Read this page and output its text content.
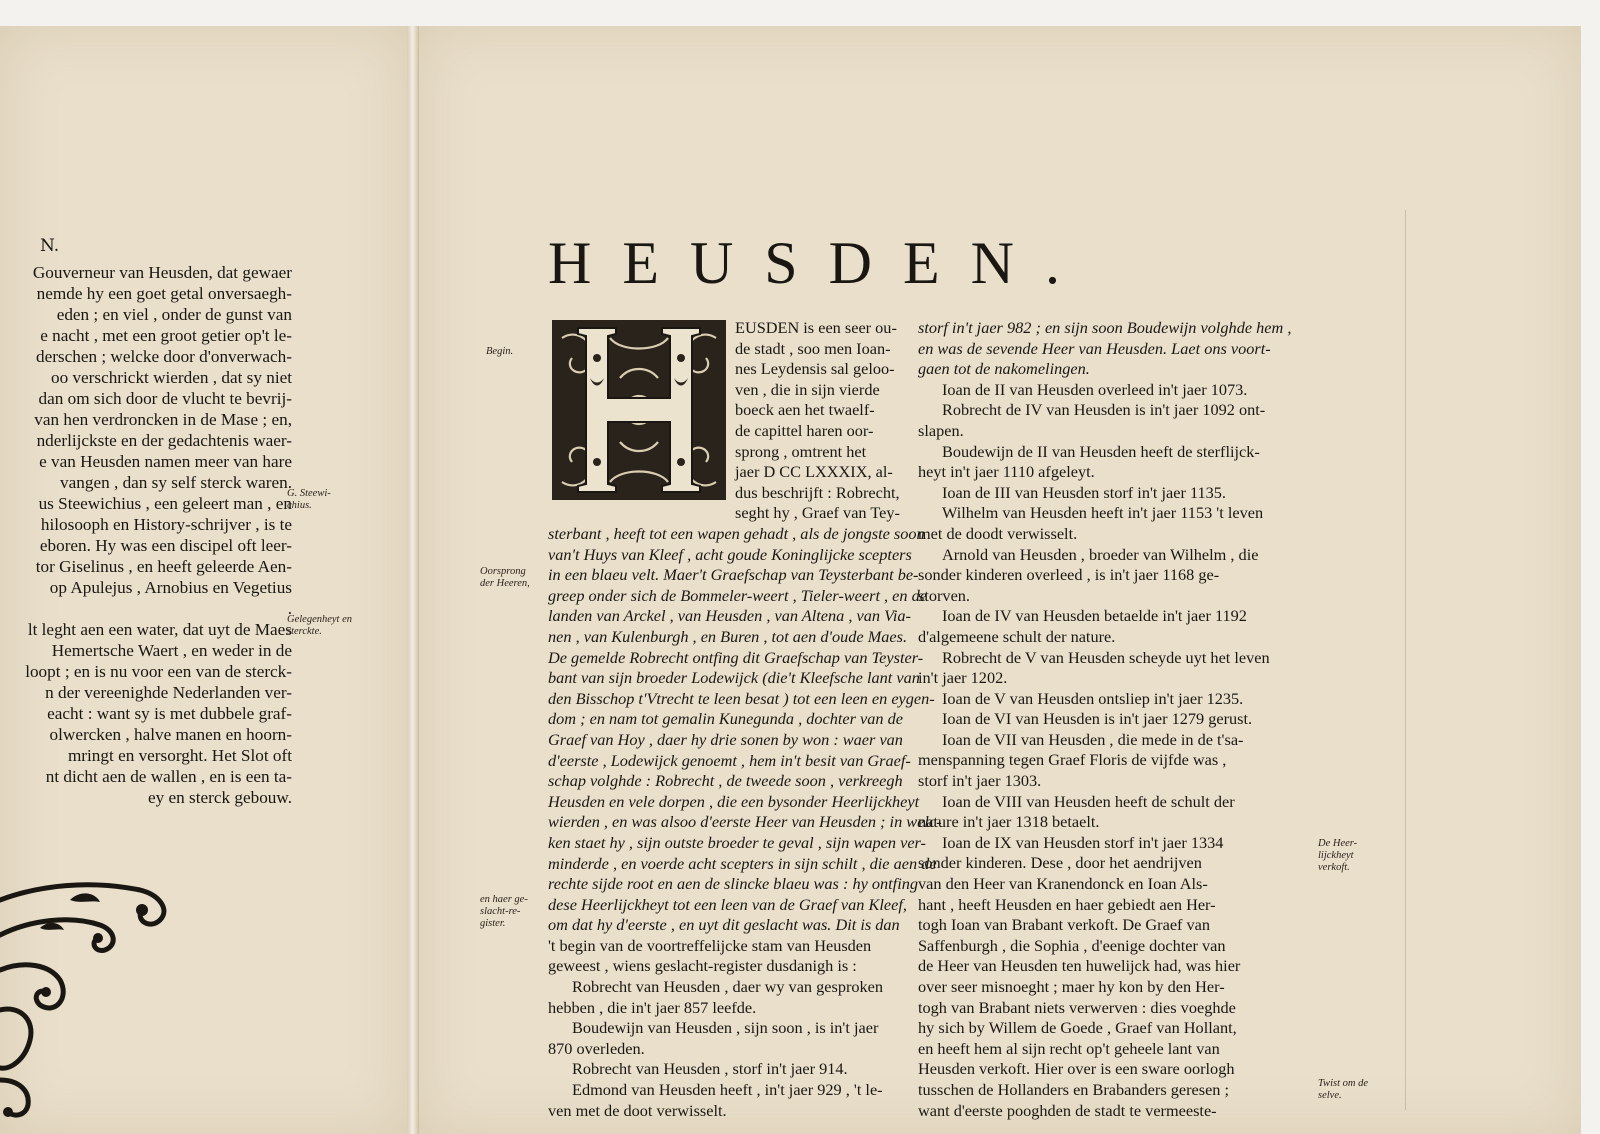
N.
Gouverneur van Heusden, dat gewaer
nemde hy een goet getal onversaegh-
eden ; en viel , onder de gunst van
e nacht , met een groot getier op't le-
derschen ; welcke door d'onverwach-
oo verschrickt wierden , dat sy niet
dan om sich door de vlucht te bevrij-
van hen verdroncken in de Mase ; en,
nderlijckste en der gedachtenis waer-
e van Heusden namen meer van hare
vangen , dan sy self sterck waren.
us Steewichius , een geleert man , en
hilosooph en History-schrijver , is te
eboren. Hy was een discipel oft leer-
tor Giselinus , en heeft geleerde Aen-
op Apulejus , Arnobius en Vegetius
.
lt leght aen een water, dat uyt de Maes
Hemertsche Waert , en weder in de
loopt ; en is nu voor een van de sterck-
n der vereenighde Nederlanden ver-
eacht : want sy is met dubbele graf-
olwercken , halve manen en hoorn-
mringt en versorght. Het Slot oft
nt dicht aen de wallen , en is een ta-
ey en sterck gebouw.
G. Steewi-chius.
Gelegenheyt en sterckte.
HEUSDEN.
Begin.
Oorsprong der Heeren,
en haer ge-slacht-re-gister.
De Heer-lijckheyt verkoft.
Twist om de selve.
EUSDEN is een seer ou-
de stadt , soo men Ioan-
nes Leydensis sal geloo-
ven , die in sijn vierde
boeck aen het twaelf-
de capittel haren oor-
sprong , omtrent het
jaer D CC LXXXIX, al-
dus beschrijft : Robrecht,
seght hy , Graef van Tey-
sterbant , heeft tot een wapen gehadt , als de jongste soon
van't Huys van Kleef , acht goude Koninglijcke scepters
in een blaeu velt. Maer't Graefschap van Teysterbant be-
greep onder sich de Bommeler-weert , Tieler-weert , en de
landen van Arckel , van Heusden , van Altena , van Via-
nen , van Kulenburgh , en Buren , tot aen d'oude Maes.
De gemelde Robrecht ontfing dit Graefschap van Teyster-
bant van sijn broeder Lodewijck (die't Kleefsche lant van
den Bisschop t'Vtrecht te leen besat ) tot een leen en eygen-
dom ; en nam tot gemalin Kunegunda , dochter van de
Graef van Hoy , daer hy drie sonen by won : waer van
d'eerste , Lodewijck genoemt , hem in't besit van Graef-
schap volghde : Robrecht , de tweede soon , verkreegh
Heusden en vele dorpen , die een bysonder Heerlijckheyt
wierden , en was alsoo d'eerste Heer van Heusden ; in welc-
ken staet hy , sijn outste broeder te geval , sijn wapen ver-
minderde , en voerde acht scepters in sijn schilt , die aen de
rechte sijde root en aen de slincke blaeu was : hy ontfing
dese Heerlijckheyt tot een leen van de Graef van Kleef,
om dat hy d'eerste , en uyt dit geslacht was. Dit is dan
't begin van de voortreffelijcke stam van Heusden
geweest , wiens geslacht-register dusdanigh is :
Robrecht van Heusden , daer wy van gesproken
hebben , die in't jaer 857 leefde.
Boudewijn van Heusden , sijn soon , is in't jaer
870 overleden.
Robrecht van Heusden , storf in't jaer 914.
Edmond van Heusden heeft , in't jaer 929 , 't le-
ven met de doot verwisselt.
storf in't jaer 982 ; en sijn soon Boudewijn volghde hem ,
en was de sevende Heer van Heusden. Laet ons voort-
gaen tot de nakomelingen.
Ioan de II van Heusden overleed in't jaer 1073.
Robrecht de IV van Heusden is in't jaer 1092 ont-
slapen.
Boudewijn de II van Heusden heeft de sterflijck-
heyt in't jaer 1110 afgeleyt.
Ioan de III van Heusden storf in't jaer 1135.
Wilhelm van Heusden heeft in't jaer 1153 't leven
met de doodt verwisselt.
Arnold van Heusden , broeder van Wilhelm , die
sonder kinderen overleed , is in't jaer 1168 ge-
storven.
Ioan de IV van Heusden betaelde in't jaer 1192
d'algemeene schult der nature.
Robrecht de V van Heusden scheyde uyt het leven
in't jaer 1202.
Ioan de V van Heusden ontsliep in't jaer 1235.
Ioan de VI van Heusden is in't jaer 1279 gerust.
Ioan de VII van Heusden , die mede in de t'sa-
menspanning tegen Graef Floris de vijfde was ,
storf in't jaer 1303.
Ioan de VIII van Heusden heeft de schult der
nature in't jaer 1318 betaelt.
Ioan de IX van Heusden storf in't jaer 1334
sonder kinderen. Dese , door het aendrijven
van den Heer van Kranendonck en Ioan Als-
hant , heeft Heusden en haer gebiedt aen Her-
togh Ioan van Brabant verkoft. De Graef van
Saffenburgh , die Sophia , d'eenige dochter van
de Heer van Heusden ten huwelijck had, was hier
over seer misnoeght ; maer hy kon by den Her-
togh van Brabant niets verwerven : dies voeghde
hy sich by Willem de Goede , Graef van Hollant,
en heeft hem al sijn recht op't geheele lant van
Heusden verkoft. Hier over is een sware oorlogh
tusschen de Hollanders en Brabanders geresen ;
want d'eerste pooghden de stadt te vermeeste-
